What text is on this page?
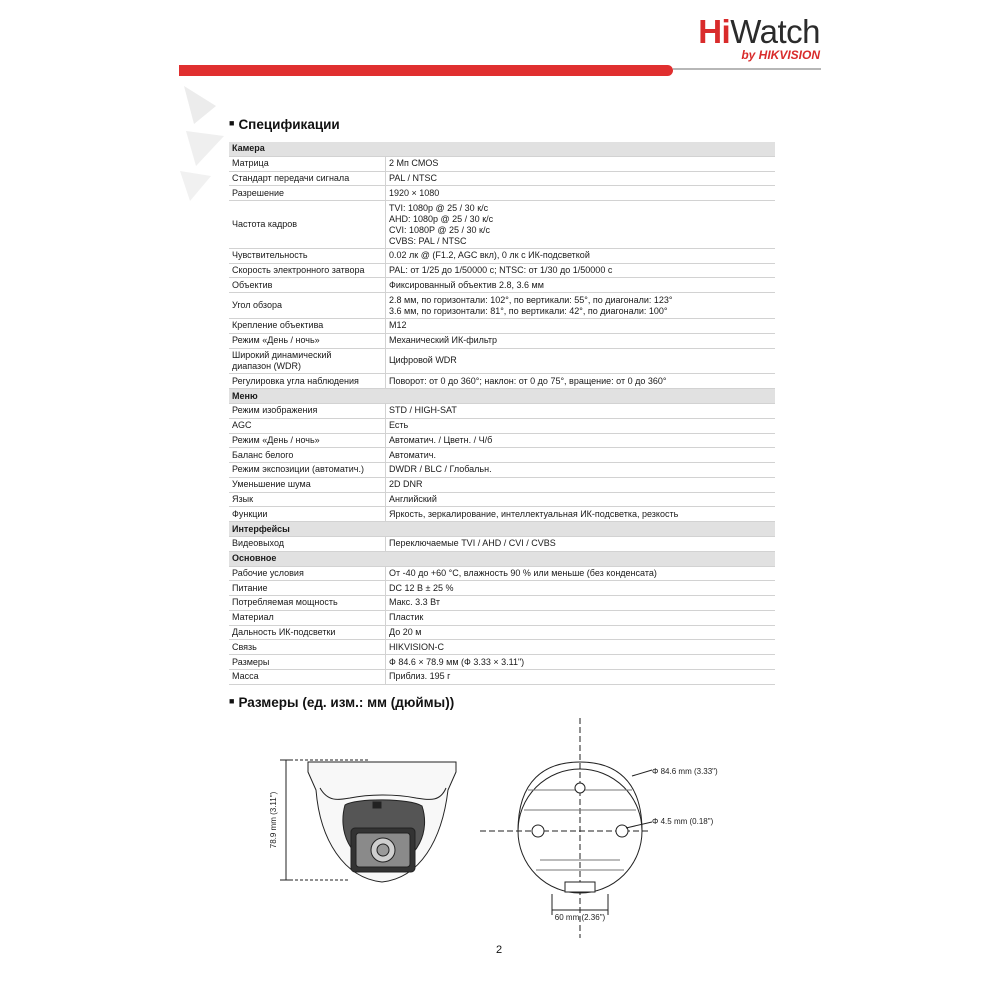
HiWatch
by HIKVISION
■ Спецификации
Камера	
Матрица	2 Мп CMOS
Стандарт передачи сигнала	PAL / NTSC
Разрешение	1920 × 1080
Частота кадров	TVI: 1080p @ 25 / 30 к/с
AHD: 1080p @ 25 / 30 к/с
CVI: 1080P @ 25 / 30 к/с
CVBS: PAL / NTSC
Чувствительность	0.02 лк @ (F1.2, AGC вкл), 0 лк с ИК-подсветкой
Скорость электронного затвора	PAL: от 1/25 до 1/50000 с; NTSC: от 1/30 до 1/50000 с
Объектив	Фиксированный объектив 2.8, 3.6 мм
Угол обзора	2.8 мм, по горизонтали: 102°, по вертикали: 55°, по диагонали: 123°
3.6 мм, по горизонтали: 81°, по вертикали: 42°, по диагонали: 100°
Крепление объектива	M12
Режим «День / ночь»	Механический ИК-фильтр
Широкий динамический
диапазон (WDR)	Цифровой WDR
Регулировка угла наблюдения	Поворот: от 0 до 360°; наклон: от 0 до 75°, вращение: от 0 до 360°
Меню	
Режим изображения	STD / HIGH-SAT
AGC	Есть
Режим «День / ночь»	Автоматич. / Цветн. / Ч/б
Баланс белого	Автоматич.
Режим экспозиции (автоматич.)	DWDR / BLC / Глобальн.
Уменьшение шума	2D DNR
Язык	Английский
Функции	Яркость, зеркалирование, интеллектуальная ИК-подсветка, резкость
Интерфейсы	
Видеовыход	Переключаемые TVI / AHD / CVI / CVBS
Основное	
Рабочие условия	От -40 до +60 °С, влажность 90 % или меньше (без конденсата)
Питание	DC 12 В ± 25 %
Потребляемая мощность	Макс. 3.3 Вт
Материал	Пластик
Дальность ИК-подсветки	До 20 м
Связь	HIKVISION-C
Размеры	Ф 84.6 × 78.9 мм (Ф 3.33 × 3.11")
Масса	Приблиз. 195 г
■ Размеры (ед. изм.: мм (дюймы))
78.9 mm (3.11")
Φ 84.6 mm (3.33")
Φ 4.5 mm (0.18")
60 mm (2.36")
2
